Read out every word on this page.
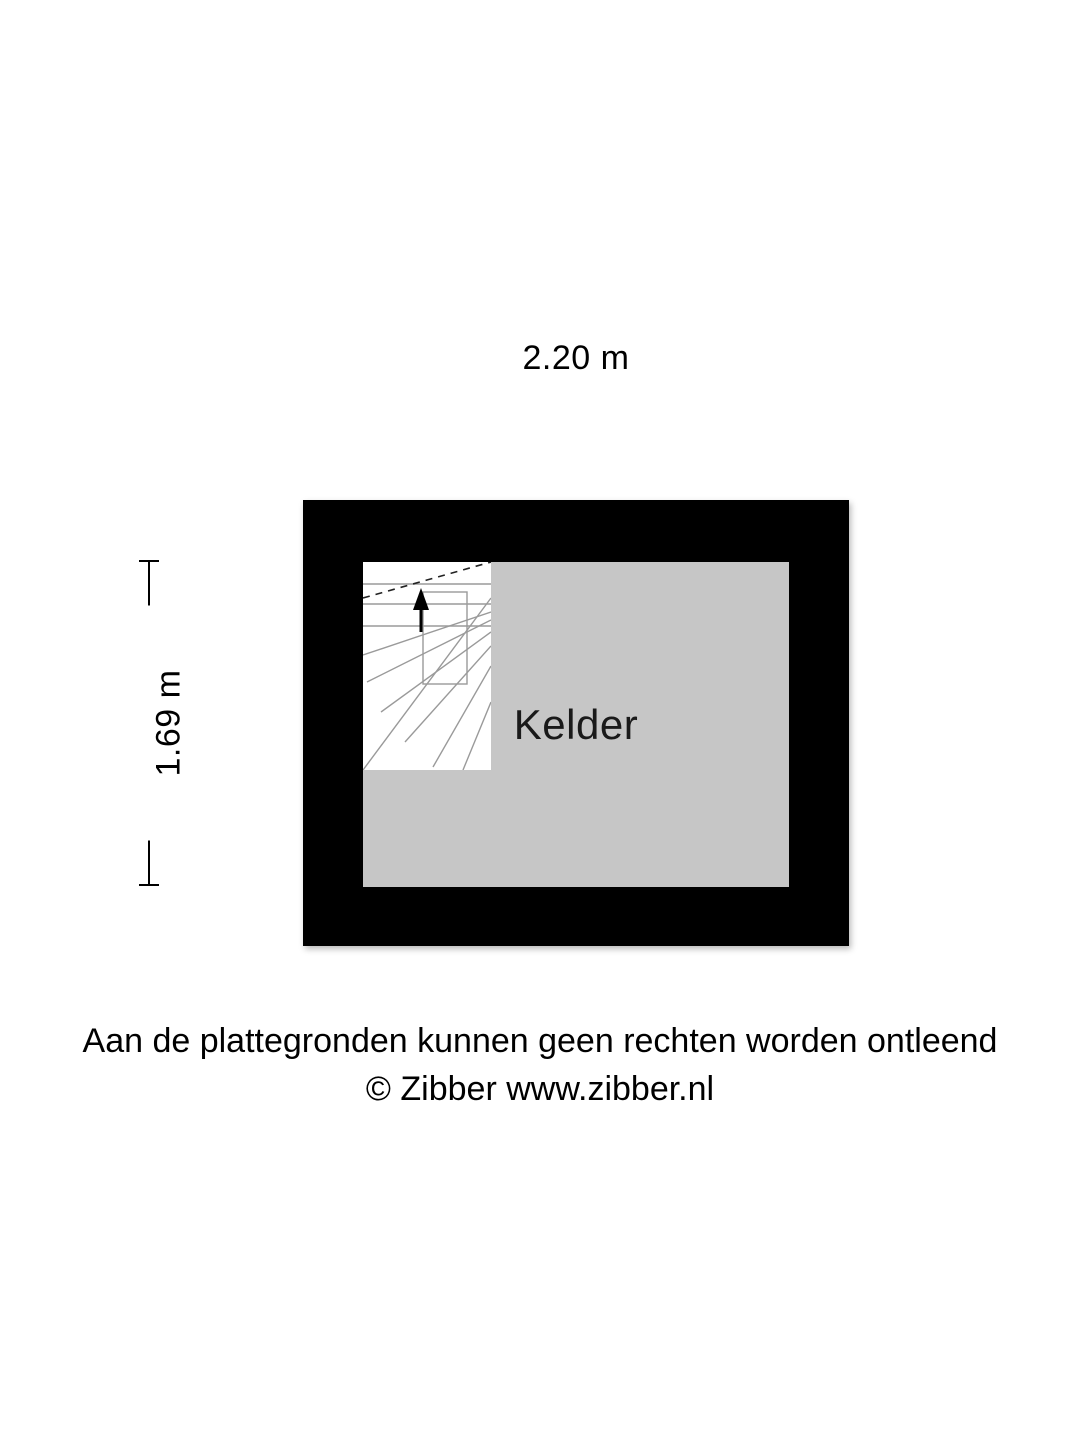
2.20 m
1.69 m	Kelder
Aan de plattegronden kunnen geen rechten worden ontleend
© Zibber www.zibber.nl
